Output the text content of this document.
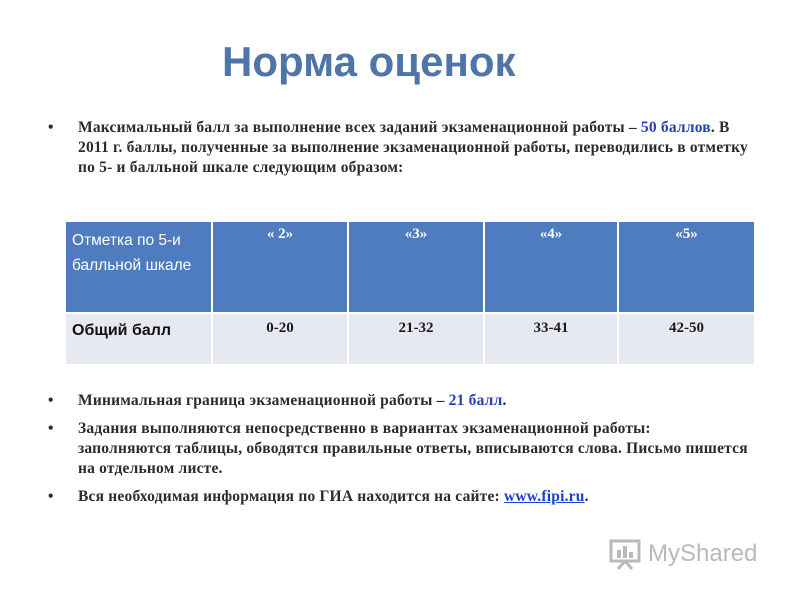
Норма оценок
• Максимальный балл за выполнение всех заданий экзаменационной работы – 50 баллов. В 2011 г. баллы, полученные за выполнение экзаменационной работы, переводились в отметку по 5- и балльной шкале следующим образом:
Отметка по 5-и балльной шкале	« 2»	«3»	«4»	«5»
Общий балл	0-20	21-32	33-41	42-50
• Минимальная граница экзаменационной работы – 21 балл.
• Задания выполняются непосредственно в вариантах экзаменационной работы: заполняются таблицы, обводятся правильные ответы, вписываются слова. Письмо пишется на отдельном листе.
• Вся необходимая информация по ГИА находится на сайте: www.fipi.ru.
MyShared
